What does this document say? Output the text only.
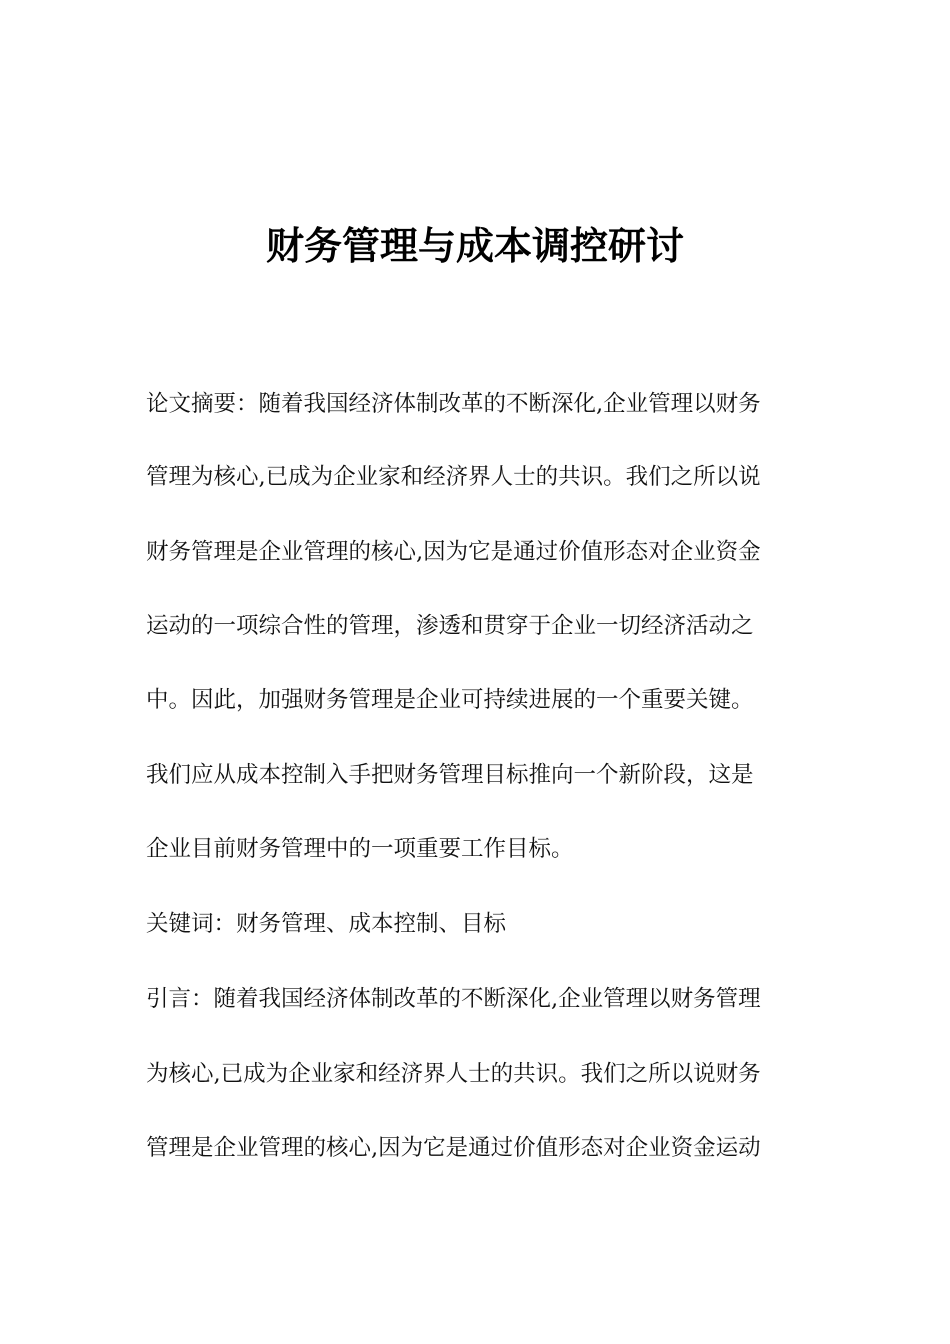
财务管理与成本调控研讨
论文摘要：随着我国经济体制改革的不断深化,企业管理以财务
管理为核心,已成为企业家和经济界人士的共识。我们之所以说
财务管理是企业管理的核心,因为它是通过价值形态对企业资金
运动的一项综合性的管理，渗透和贯穿于企业一切经济活动之
中。因此，加强财务管理是企业可持续进展的一个重要关键。
我们应从成本控制入手把财务管理目标推向一个新阶段，这是
企业目前财务管理中的一项重要工作目标。
关键词：财务管理、成本控制、目标
引言：随着我国经济体制改革的不断深化,企业管理以财务管理
为核心,已成为企业家和经济界人士的共识。我们之所以说财务
管理是企业管理的核心,因为它是通过价值形态对企业资金运动
